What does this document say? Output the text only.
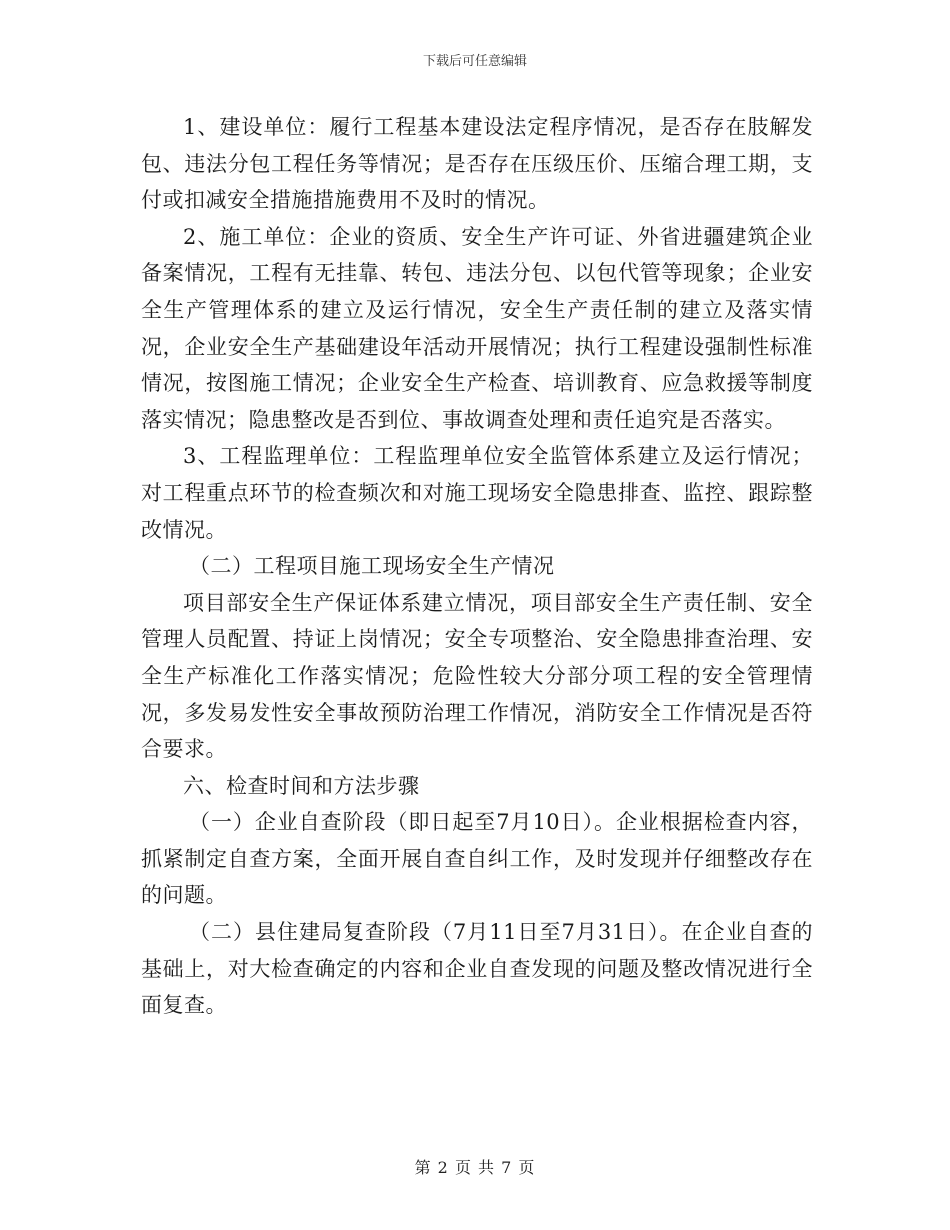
下载后可任意编辑

1、建设单位：履行工程基本建设法定程序情况，是否存在肢解发包、违法分包工程任务等情况；是否存在压级压价、压缩合理工期，支付或扣减安全措施措施费用不及时的情况。

2、施工单位：企业的资质、安全生产许可证、外省进疆建筑企业备案情况，工程有无挂靠、转包、违法分包、以包代管等现象；企业安全生产管理体系的建立及运行情况，安全生产责任制的建立及落实情况，企业安全生产基础建设年活动开展情况；执行工程建设强制性标准情况，按图施工情况；企业安全生产检查、培训教育、应急救援等制度落实情况；隐患整改是否到位、事故调查处理和责任追究是否落实。

3、工程监理单位：工程监理单位安全监管体系建立及运行情况；对工程重点环节的检查频次和对施工现场安全隐患排查、监控、跟踪整改情况。

（二）工程项目施工现场安全生产情况

项目部安全生产保证体系建立情况，项目部安全生产责任制、安全管理人员配置、持证上岗情况；安全专项整治、安全隐患排查治理、安全生产标准化工作落实情况；危险性较大分部分项工程的安全管理情况，多发易发性安全事故预防治理工作情况，消防安全工作情况是否符合要求。

六、检查时间和方法步骤

（一）企业自查阶段（即日起至7月10日）。企业根据检查内容，抓紧制定自查方案，全面开展自查自纠工作，及时发现并仔细整改存在的问题。

（二）县住建局复查阶段（7月11日至7月31日）。在企业自查的基础上，对大检查确定的内容和企业自查发现的问题及整改情况进行全面复查。

第 2 页 共 7 页
